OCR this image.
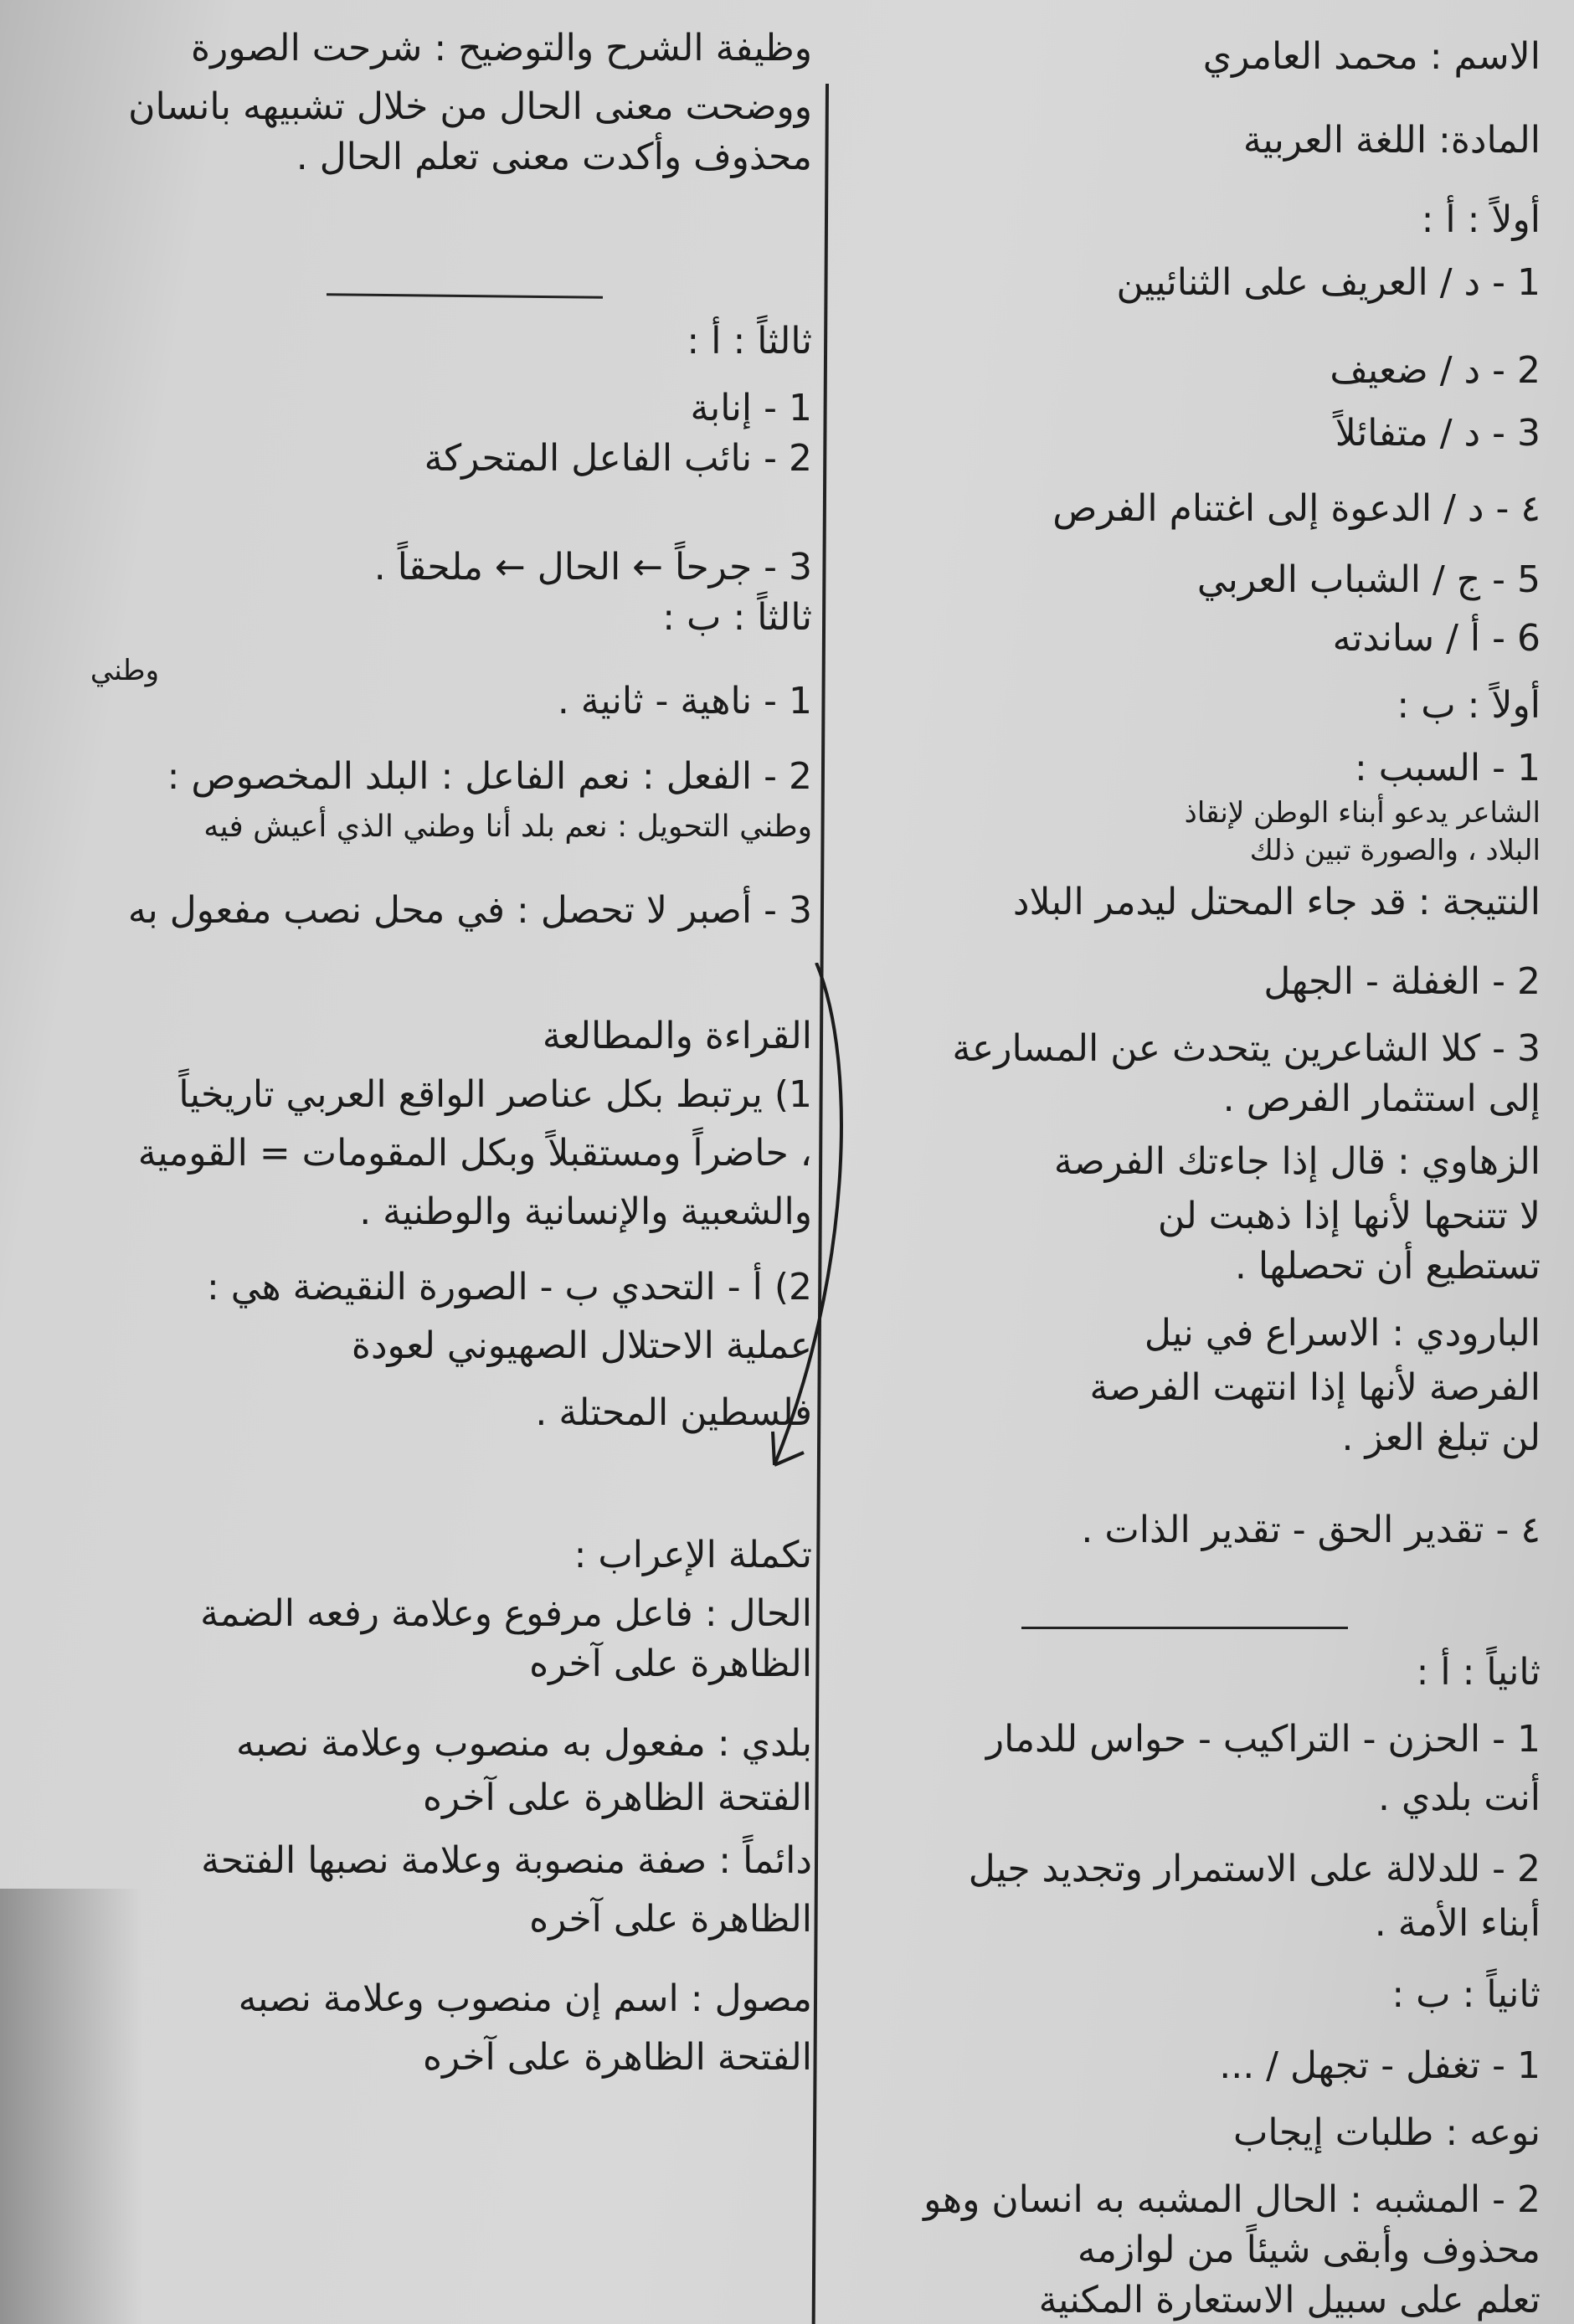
الاسم : محمد العامري
المادة: اللغة العربية
أولاً : أ :
1 - د / العريف على الثنائيين
2 - د / ضعيف
3 - د / متفائلاً
٤ - د / الدعوة إلى اغتنام الفرص
5 - ج / الشباب العربي
6 - أ / ساندته
أولاً : ب :
1 - السبب :
الشاعر يدعو أبناء الوطن لإنقاذ
البلاد ، والصورة تبين ذلك
النتيجة : قد جاء المحتل ليدمر البلاد
2 - الغفلة - الجهل
3 - كلا الشاعرين يتحدث عن المسارعة
إلى استثمار الفرص .
الزهاوي : قال إذا جاءتك الفرصة
لا تتنحها لأنها إذا ذهبت لن
تستطيع أن تحصلها .
البارودي : الاسراع في نيل
الفرصة لأنها إذا انتهت الفرصة
لن تبلغ العز .
٤ - تقدير الحق - تقدير الذات .
ثانياً : أ :
1 - الحزن - التراكيب - حواس للدمار
أنت بلدي .
2 - للدلالة على الاستمرار وتجديد جيل
أبناء الأمة .
ثانياً : ب :
1 - تغفل - تجهل / ...
نوعه : طلبات إيجاب
2 - المشبه : الحال المشبه به انسان وهو
محذوف وأبقى شيئاً من لوازمه
تعلم على سبيل الاستعارة المكنية
وظيفة الشرح والتوضيح : شرحت الصورة
ووضحت معنى الحال من خلال تشبيهه بانسان
محذوف وأكدت معنى تعلم الحال .
ثالثاً : أ :
1 - إنابة
2 - نائب الفاعل المتحركة
3 - جرحاً ← الحال ← ملحقاً .
ثالثاً : ب :
1 - ناهية - ثانية .
وطني
2 - الفعل : نعم الفاعل : البلد المخصوص :
وطني التحويل : نعم بلد أنا وطني الذي أعيش فيه
3 - أصبر لا تحصل : في محل نصب مفعول به
القراءة والمطالعة
1) يرتبط بكل عناصر الواقع العربي تاريخياً
، حاضراً ومستقبلاً وبكل المقومات = القومية
والشعبية والإنسانية والوطنية .
2) أ - التحدي ب - الصورة النقيضة هي :
عملية الاحتلال الصهيوني لعودة
فلسطين المحتلة .
تكملة الإعراب :
الحال : فاعل مرفوع وعلامة رفعه الضمة
الظاهرة على آخره
بلدي : مفعول به منصوب وعلامة نصبه
الفتحة الظاهرة على آخره
دائماً : صفة منصوبة وعلامة نصبها الفتحة
الظاهرة على آخره
مصول : اسم إن منصوب وعلامة نصبه
الفتحة الظاهرة على آخره
